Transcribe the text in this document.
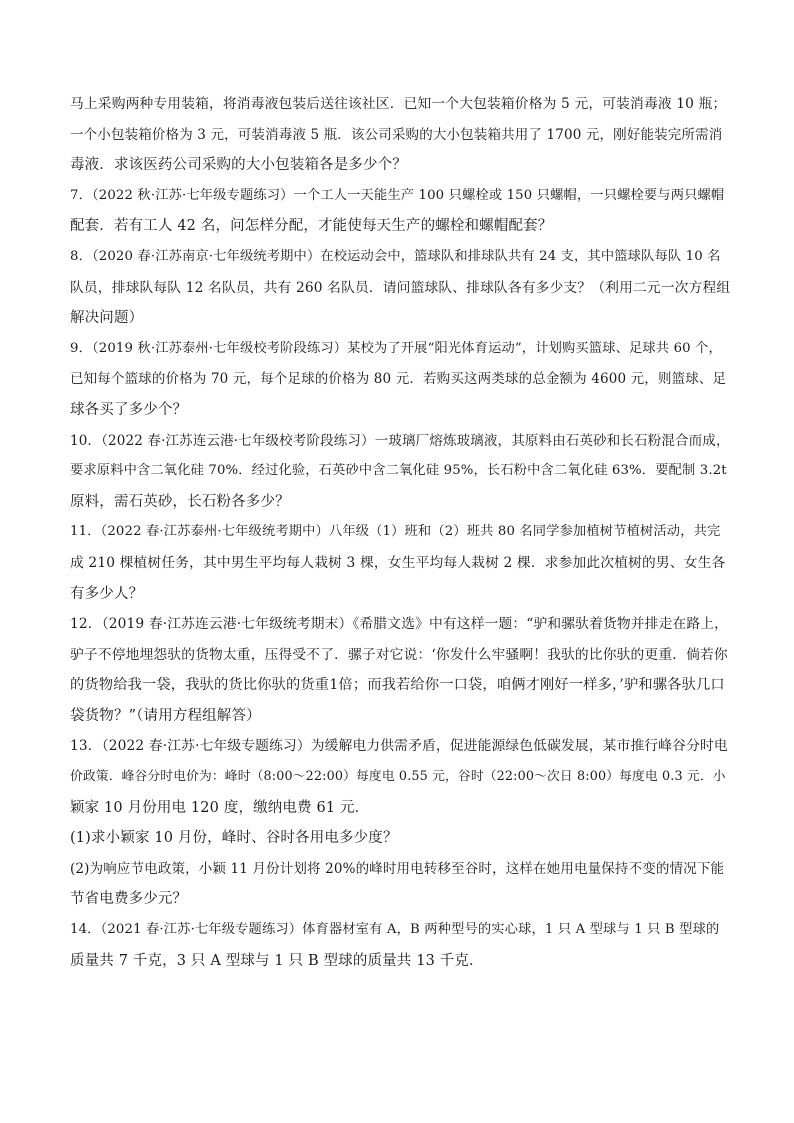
马上采购两种专用装箱，将消毒液包装后送往该社区．已知一个大包装箱价格为 5 元，可装消毒液 10 瓶；
一个小包装箱价格为 3 元，可装消毒液 5 瓶．该公司采购的大小包装箱共用了 1700 元，刚好能装完所需消
毒液．求该医药公司采购的大小包装箱各是多少个？
7．（2022 秋·江苏·七年级专题练习）一个工人一天能生产 100 只螺栓或 150 只螺帽，一只螺栓要与两只螺帽
配套．若有工人 42 名，问怎样分配，才能使每天生产的螺栓和螺帽配套？
8．（2020 春·江苏南京·七年级统考期中）在校运动会中，篮球队和排球队共有 24 支，其中篮球队每队 10 名
队员，排球队每队 12 名队员，共有 260 名队员．请问篮球队、排球队各有多少支？（利用二元一次方程组
解决问题）
9．（2019 秋·江苏泰州·七年级校考阶段练习）某校为了开展“阳光体育运动”，计划购买篮球、足球共 60 个，
已知每个篮球的价格为 70 元，每个足球的价格为 80 元．若购买这两类球的总金额为 4600 元，则篮球、足
球各买了多少个？
10．（2022 春·江苏连云港·七年级校考阶段练习）一玻璃厂熔炼玻璃液，其原料由石英砂和长石粉混合而成，
要求原料中含二氧化硅 70%．经过化验，石英砂中含二氧化硅 95%，长石粉中含二氧化硅 63%．要配制 3.2t
原料，需石英砂，长石粉各多少？
11．（2022 春·江苏泰州·七年级统考期中）八年级（1）班和（2）班共 80 名同学参加植树节植树活动，共完
成 210 棵植树任务，其中男生平均每人栽树 3 棵，女生平均每人栽树 2 棵．求参加此次植树的男、女生各
有多少人？
12．（2019 春·江苏连云港·七年级统考期末）《希腊文选》中有这样一题：“驴和骡驮着货物并排走在路上，
驴子不停地埋怨驮的货物太重，压得受不了．骡子对它说：‘你发什么牢骚啊！我驮的比你驮的更重．倘若你
的货物给我一袋，我驮的货比你驮的货重1倍；而我若给你一口袋，咱俩才刚好一样多，’驴和骡各驮几口
袋货物？”（请用方程组解答）
13．（2022 春·江苏·七年级专题练习）为缓解电力供需矛盾，促进能源绿色低碳发展，某市推行峰谷分时电
价政策．峰谷分时电价为：峰时（8:00～22:00）每度电 0.55 元，谷时（22:00～次日 8:00）每度电 0.3 元．小
颖家 10 月份用电 120 度，缴纳电费 61 元．
(1)求小颖家 10 月份，峰时、谷时各用电多少度？
(2)为响应节电政策，小颖 11 月份计划将 20%的峰时用电转移至谷时，这样在她用电量保持不变的情况下能
节省电费多少元？
14．（2021 春·江苏·七年级专题练习）体育器材室有 A，B 两种型号的实心球，1 只 A 型球与 1 只 B 型球的
质量共 7 千克，3 只 A 型球与 1 只 B 型球的质量共 13 千克．
